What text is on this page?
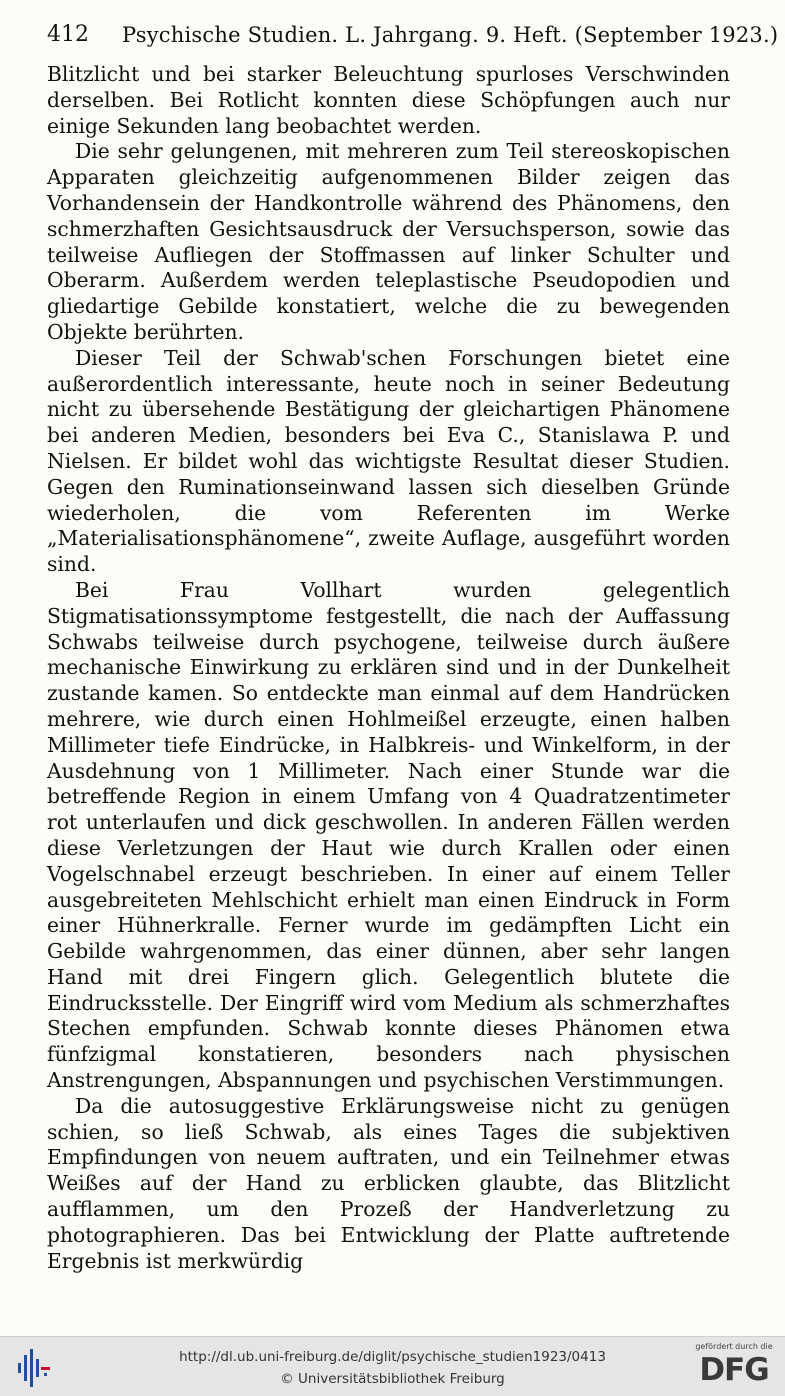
412 Psychische Studien. L. Jahrgang. 9. Heft. (September 1923.)

Blitzlicht und bei starker Beleuchtung spurloses Verschwinden derselben. Bei Rotlicht konnten diese Schöpfungen auch nur einige Sekunden lang beobachtet werden.

Die sehr gelungenen, mit mehreren zum Teil stereoskopischen Apparaten gleichzeitig aufgenommenen Bilder zeigen das Vorhandensein der Handkontrolle während des Phänomens, den schmerzhaften Gesichtsausdruck der Versuchsperson, sowie das teilweise Aufliegen der Stoffmassen auf linker Schulter und Oberarm. Außerdem werden teleplastische Pseudopodien und gliedartige Gebilde konstatiert, welche die zu bewegenden Objekte berührten.

Dieser Teil der Schwab'schen Forschungen bietet eine außerordentlich interessante, heute noch in seiner Bedeutung nicht zu übersehende Bestätigung der gleichartigen Phänomene bei anderen Medien, besonders bei Eva C., Stanislawa P. und Nielsen. Er bildet wohl das wichtigste Resultat dieser Studien. Gegen den Ruminationseinwand lassen sich dieselben Gründe wiederholen, die vom Referenten im Werke „Materialisationsphänomene“, zweite Auflage, ausgeführt worden sind.

Bei Frau Vollhart wurden gelegentlich Stigmatisationssymptome festgestellt, die nach der Auffassung Schwabs teilweise durch psychogene, teilweise durch äußere mechanische Einwirkung zu erklären sind und in der Dunkelheit zustande kamen. So entdeckte man einmal auf dem Handrücken mehrere, wie durch einen Hohlmeißel erzeugte, einen halben Millimeter tiefe Eindrücke, in Halbkreis- und Winkelform, in der Ausdehnung von 1 Millimeter. Nach einer Stunde war die betreffende Region in einem Umfang von 4 Quadratzentimeter rot unterlaufen und dick geschwollen. In anderen Fällen werden diese Verletzungen der Haut wie durch Krallen oder einen Vogelschnabel erzeugt beschrieben. In einer auf einem Teller ausgebreiteten Mehlschicht erhielt man einen Eindruck in Form einer Hühnerkralle. Ferner wurde im gedämpften Licht ein Gebilde wahrgenommen, das einer dünnen, aber sehr langen Hand mit drei Fingern glich. Gelegentlich blutete die Eindrucksstelle. Der Eingriff wird vom Medium als schmerzhaftes Stechen empfunden. Schwab konnte dieses Phänomen etwa fünfzigmal konstatieren, besonders nach physischen Anstrengungen, Abspannungen und psychischen Verstimmungen.

Da die autosuggestive Erklärungsweise nicht zu genügen schien, so ließ Schwab, als eines Tages die subjektiven Empfindungen von neuem auftraten, und ein Teilnehmer etwas Weißes auf der Hand zu erblicken glaubte, das Blitzlicht aufflammen, um den Prozeß der Handverletzung zu photographieren. Das bei Entwicklung der Platte auftretende Ergebnis ist merkwürdig

http://dl.ub.uni-freiburg.de/diglit/psychische_studien1923/0413
© Universitätsbibliothek Freiburg
gefördert durch die
DFG
